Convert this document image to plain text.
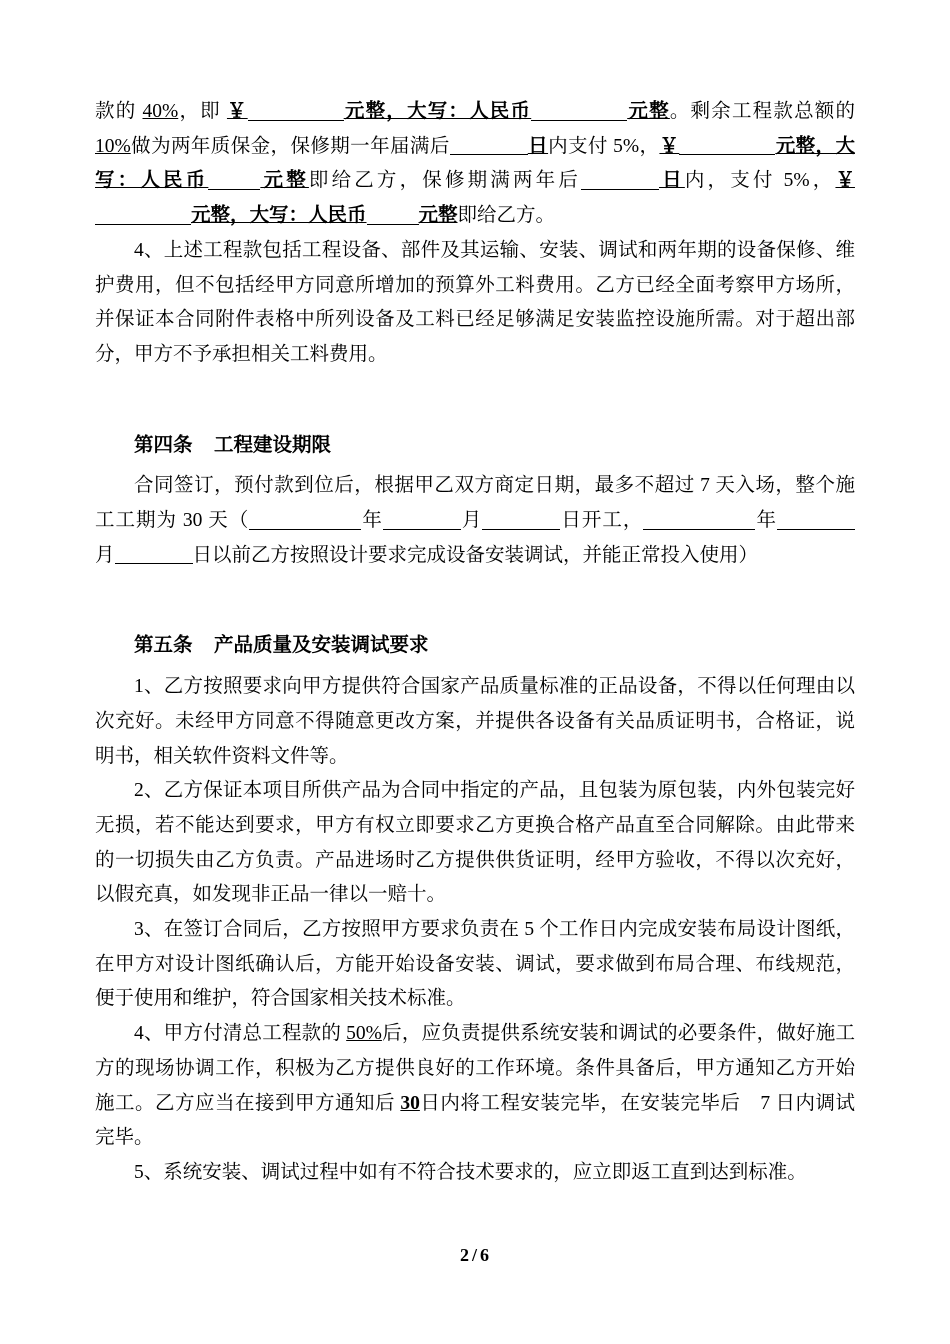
款的 40%，即 ￥	元整，大写：人民币	元整。剩余工程款总额的 10%做为两年质保金，保修期一年届满后	日内支付 5%，￥	元整，大写：人民币	元整即给乙方，保修期满两年后	日内，支付 5%，￥元整，大写：人民币	元整即给乙方。

4、上述工程款包括工程设备、部件及其运输、安装、调试和两年期的设备保修、维护费用，但不包括经甲方同意所增加的预算外工料费用。乙方已经全面考察甲方场所，并保证本合同附件表格中所列设备及工料已经足够满足安装监控设施所需。对于超出部分，甲方不予承担相关工料费用。

第四条 工程建设期限

合同签订，预付款到位后，根据甲乙双方商定日期，最多不超过 7 天入场，整个施工工期为 30 天（	年	月	日开工，	年月	日以前乙方按照设计要求完成设备安装调试，并能正常投入使用）

第五条 产品质量及安装调试要求

1、乙方按照要求向甲方提供符合国家产品质量标准的正品设备，不得以任何理由以次充好。未经甲方同意不得随意更改方案，并提供各设备有关品质证明书，合格证，说明书，相关软件资料文件等。

2、乙方保证本项目所供产品为合同中指定的产品，且包装为原包装，内外包装完好无损，若不能达到要求，甲方有权立即要求乙方更换合格产品直至合同解除。由此带来的一切损失由乙方负责。产品进场时乙方提供供货证明，经甲方验收，不得以次充好，以假充真，如发现非正品一律以一赔十。

3、在签订合同后，乙方按照甲方要求负责在 5 个工作日内完成安装布局设计图纸，在甲方对设计图纸确认后，方能开始设备安装、调试，要求做到布局合理、布线规范，便于使用和维护，符合国家相关技术标准。

4、甲方付清总工程款的 50%后，应负责提供系统安装和调试的必要条件，做好施工方的现场协调工作，积极为乙方提供良好的工作环境。条件具备后，甲方通知乙方开始施工。乙方应当在接到甲方通知后 30日内将工程安装完毕，在安装完毕后　7 日内调试完毕。

5、系统安装、调试过程中如有不符合技术要求的，应立即返工直到达到标准。

2 / 6
